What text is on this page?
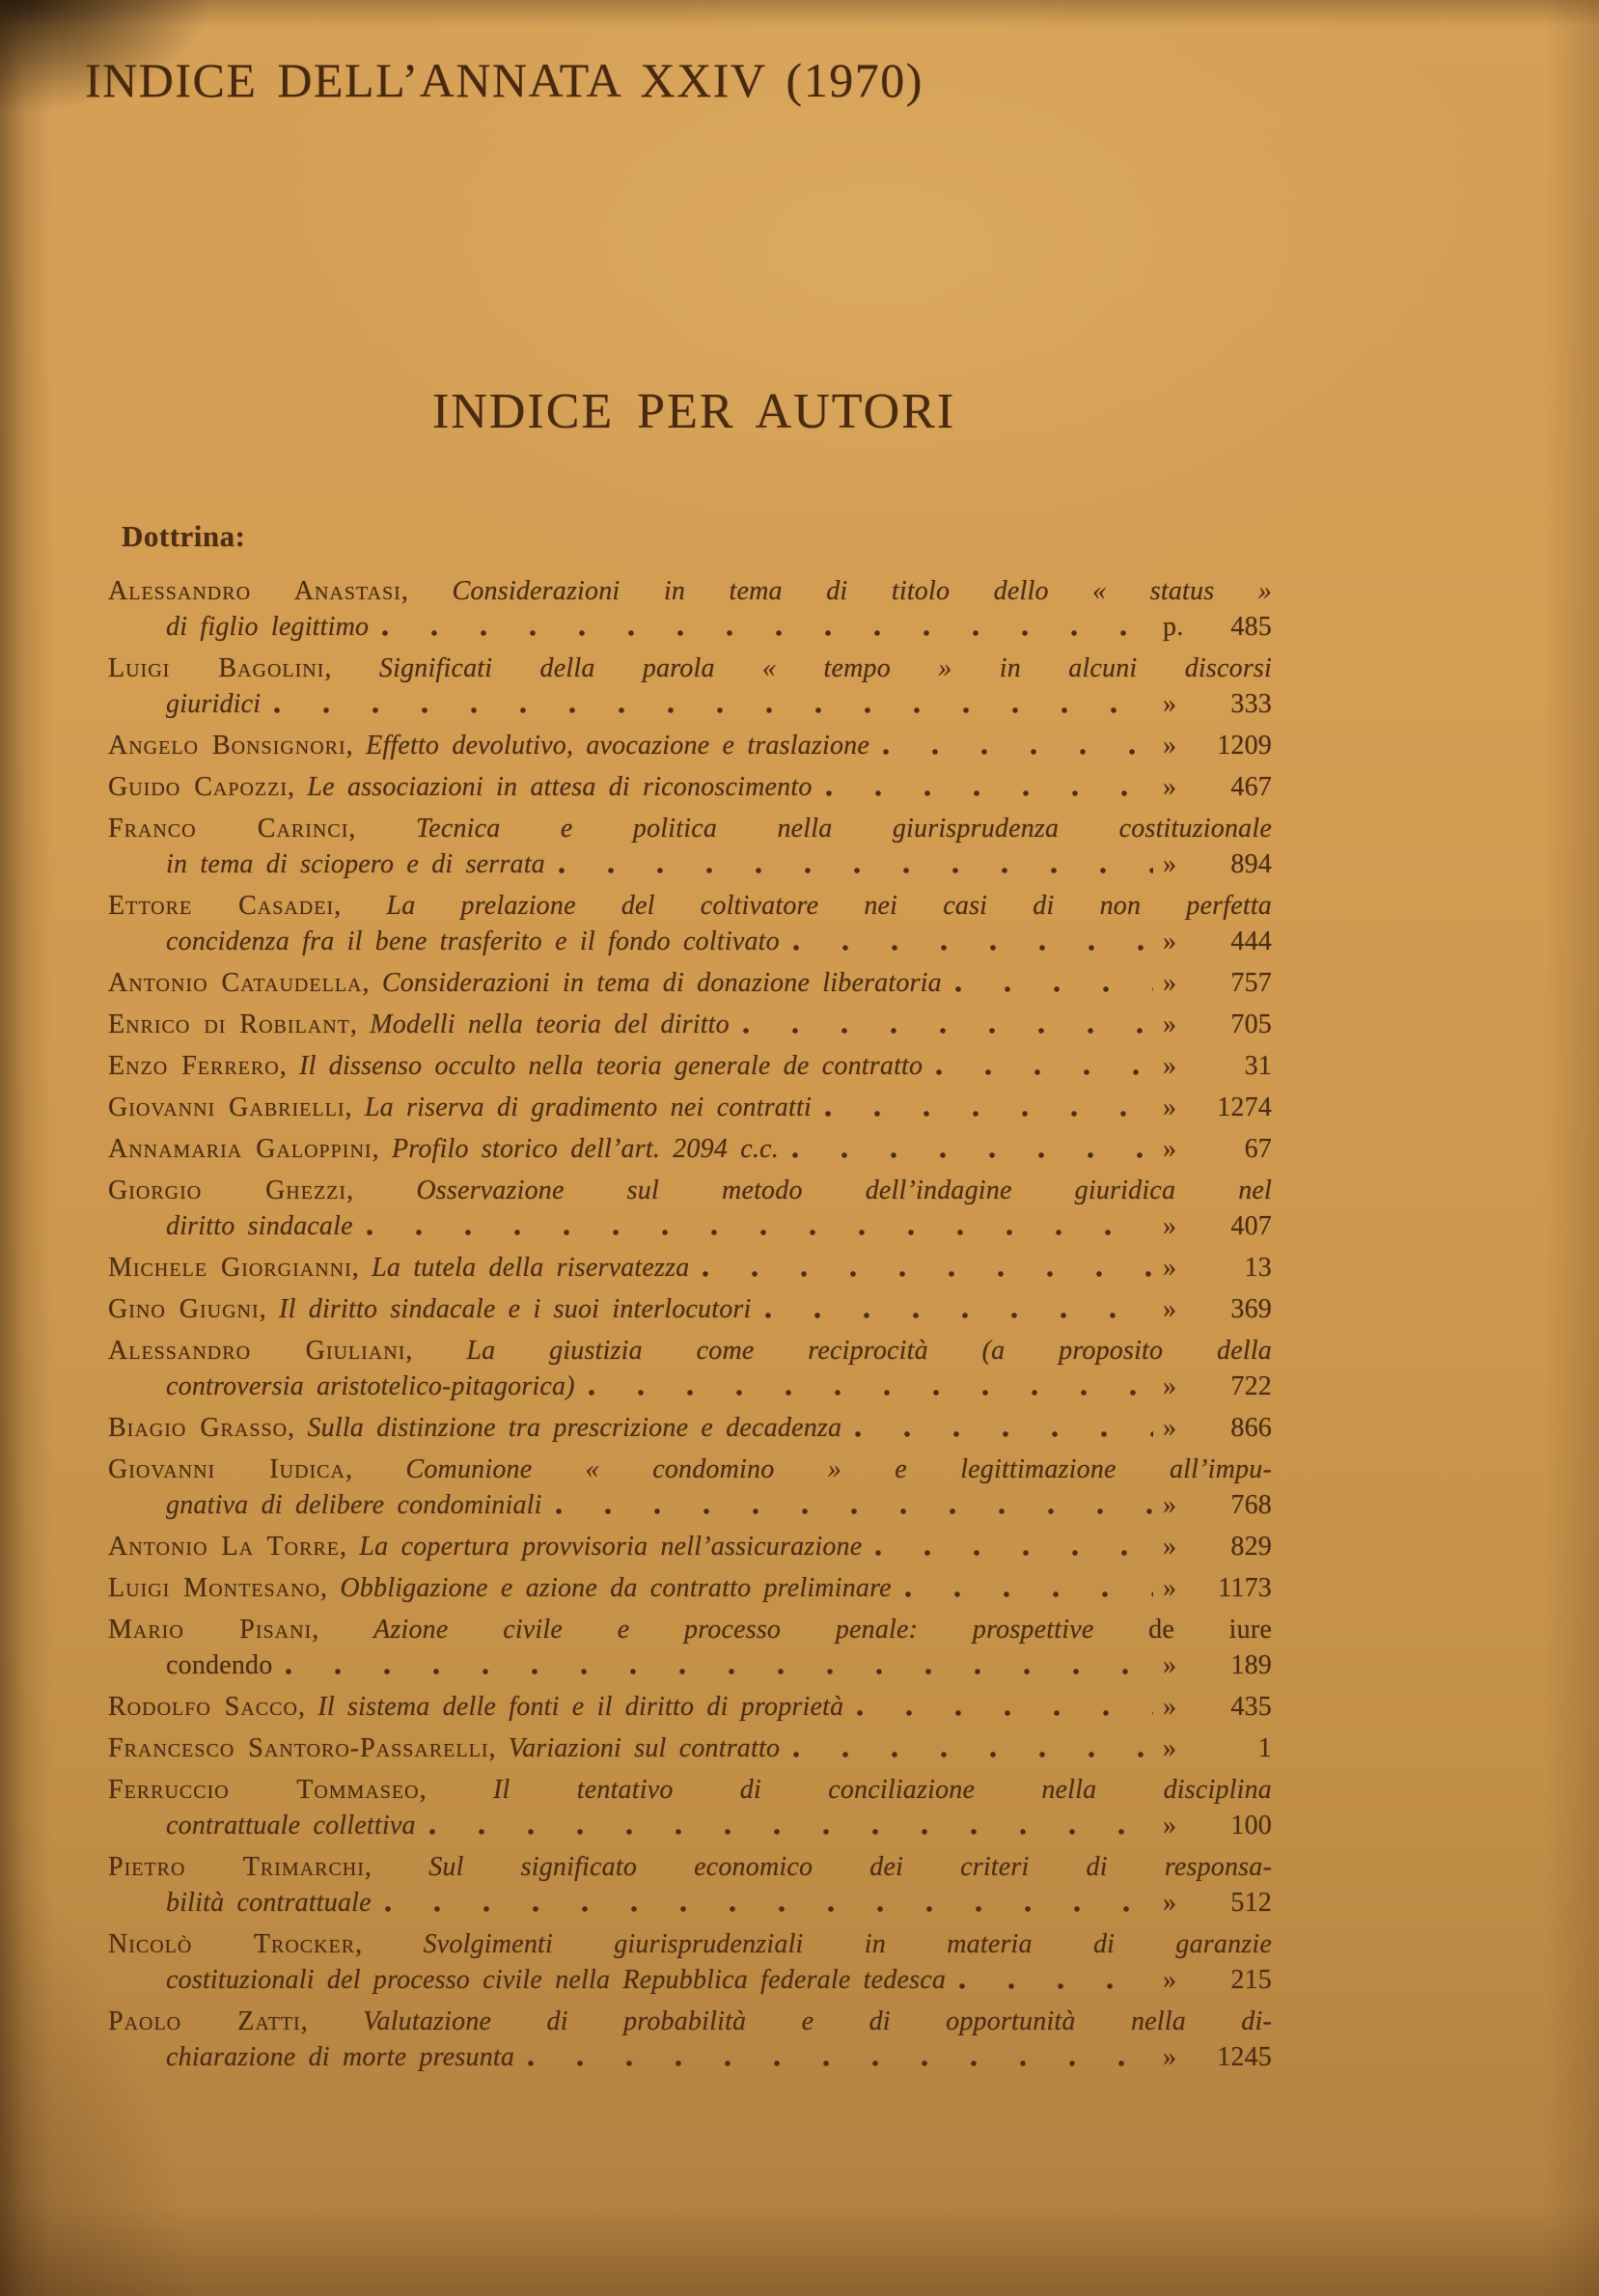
INDICE DELL’ANNATA XXIV (1970)
INDICE PER AUTORI
Dottrina:
Alessandro Anastasi, Considerazioni in tema di titolo dello « status »
di figlio legittimo	p. 485
Luigi Bagolini, Significati della parola « tempo » in alcuni discorsi
giuridici	» 333
Angelo Bonsignori, Effetto devolutivo, avocazione e traslazione	» 1209
Guido Capozzi, Le associazioni in attesa di riconoscimento	» 467
Franco Carinci, Tecnica e politica nella giurisprudenza costituzionale
in tema di sciopero e di serrata	» 894
Ettore Casadei, La prelazione del coltivatore nei casi di non perfetta
concidenza fra il bene trasferito e il fondo coltivato	» 444
Antonio Cataudella, Considerazioni in tema di donazione liberatoria	» 757
Enrico di Robilant, Modelli nella teoria del diritto	» 705
Enzo Ferrero, Il dissenso occulto nella teoria generale de contratto	»	31
Giovanni Gabrielli, La riserva di gradimento nei contratti	» 1274
Annamaria Galoppini, Profilo storico dell’art. 2094 c.c.	»	67
Giorgio Ghezzi, Osservazione sul metodo dell’indagine giuridica nel
diritto sindacale	» 407
Michele Giorgianni, La tutela della riservatezza	»	13
Gino Giugni, Il diritto sindacale e i suoi interlocutori	» 369
Alessandro Giuliani, La giustizia come reciprocità (a proposito della
controversia aristotelico-pitagorica)	» 722
Biagio Grasso, Sulla distinzione tra prescrizione e decadenza	» 866
Giovanni Iudica, Comunione « condomino » e legittimazione all’impu-
gnativa di delibere condominiali	» 768
Antonio La Torre, La copertura provvisoria nell’assicurazione	» 829
Luigi Montesano, Obbligazione e azione da contratto preliminare	» 1173
Mario Pisani, Azione civile e processo penale: prospettive de iure
condendo	» 189
Rodolfo Sacco, Il sistema delle fonti e il diritto di proprietà	» 435
Francesco Santoro-Passarelli, Variazioni sul contratto	»	1
Ferruccio Tommaseo, Il tentativo di conciliazione nella disciplina
contrattuale collettiva	» 100
Pietro Trimarchi, Sul significato economico dei criteri di responsa-
bilità contrattuale	» 512
Nicolò Trocker, Svolgimenti giurisprudenziali in materia di garanzie
costituzionali del processo civile nella Repubblica federale tedesca	» 215
Paolo Zatti, Valutazione di probabilità e di opportunità nella di-
chiarazione di morte presunta	» 1245
